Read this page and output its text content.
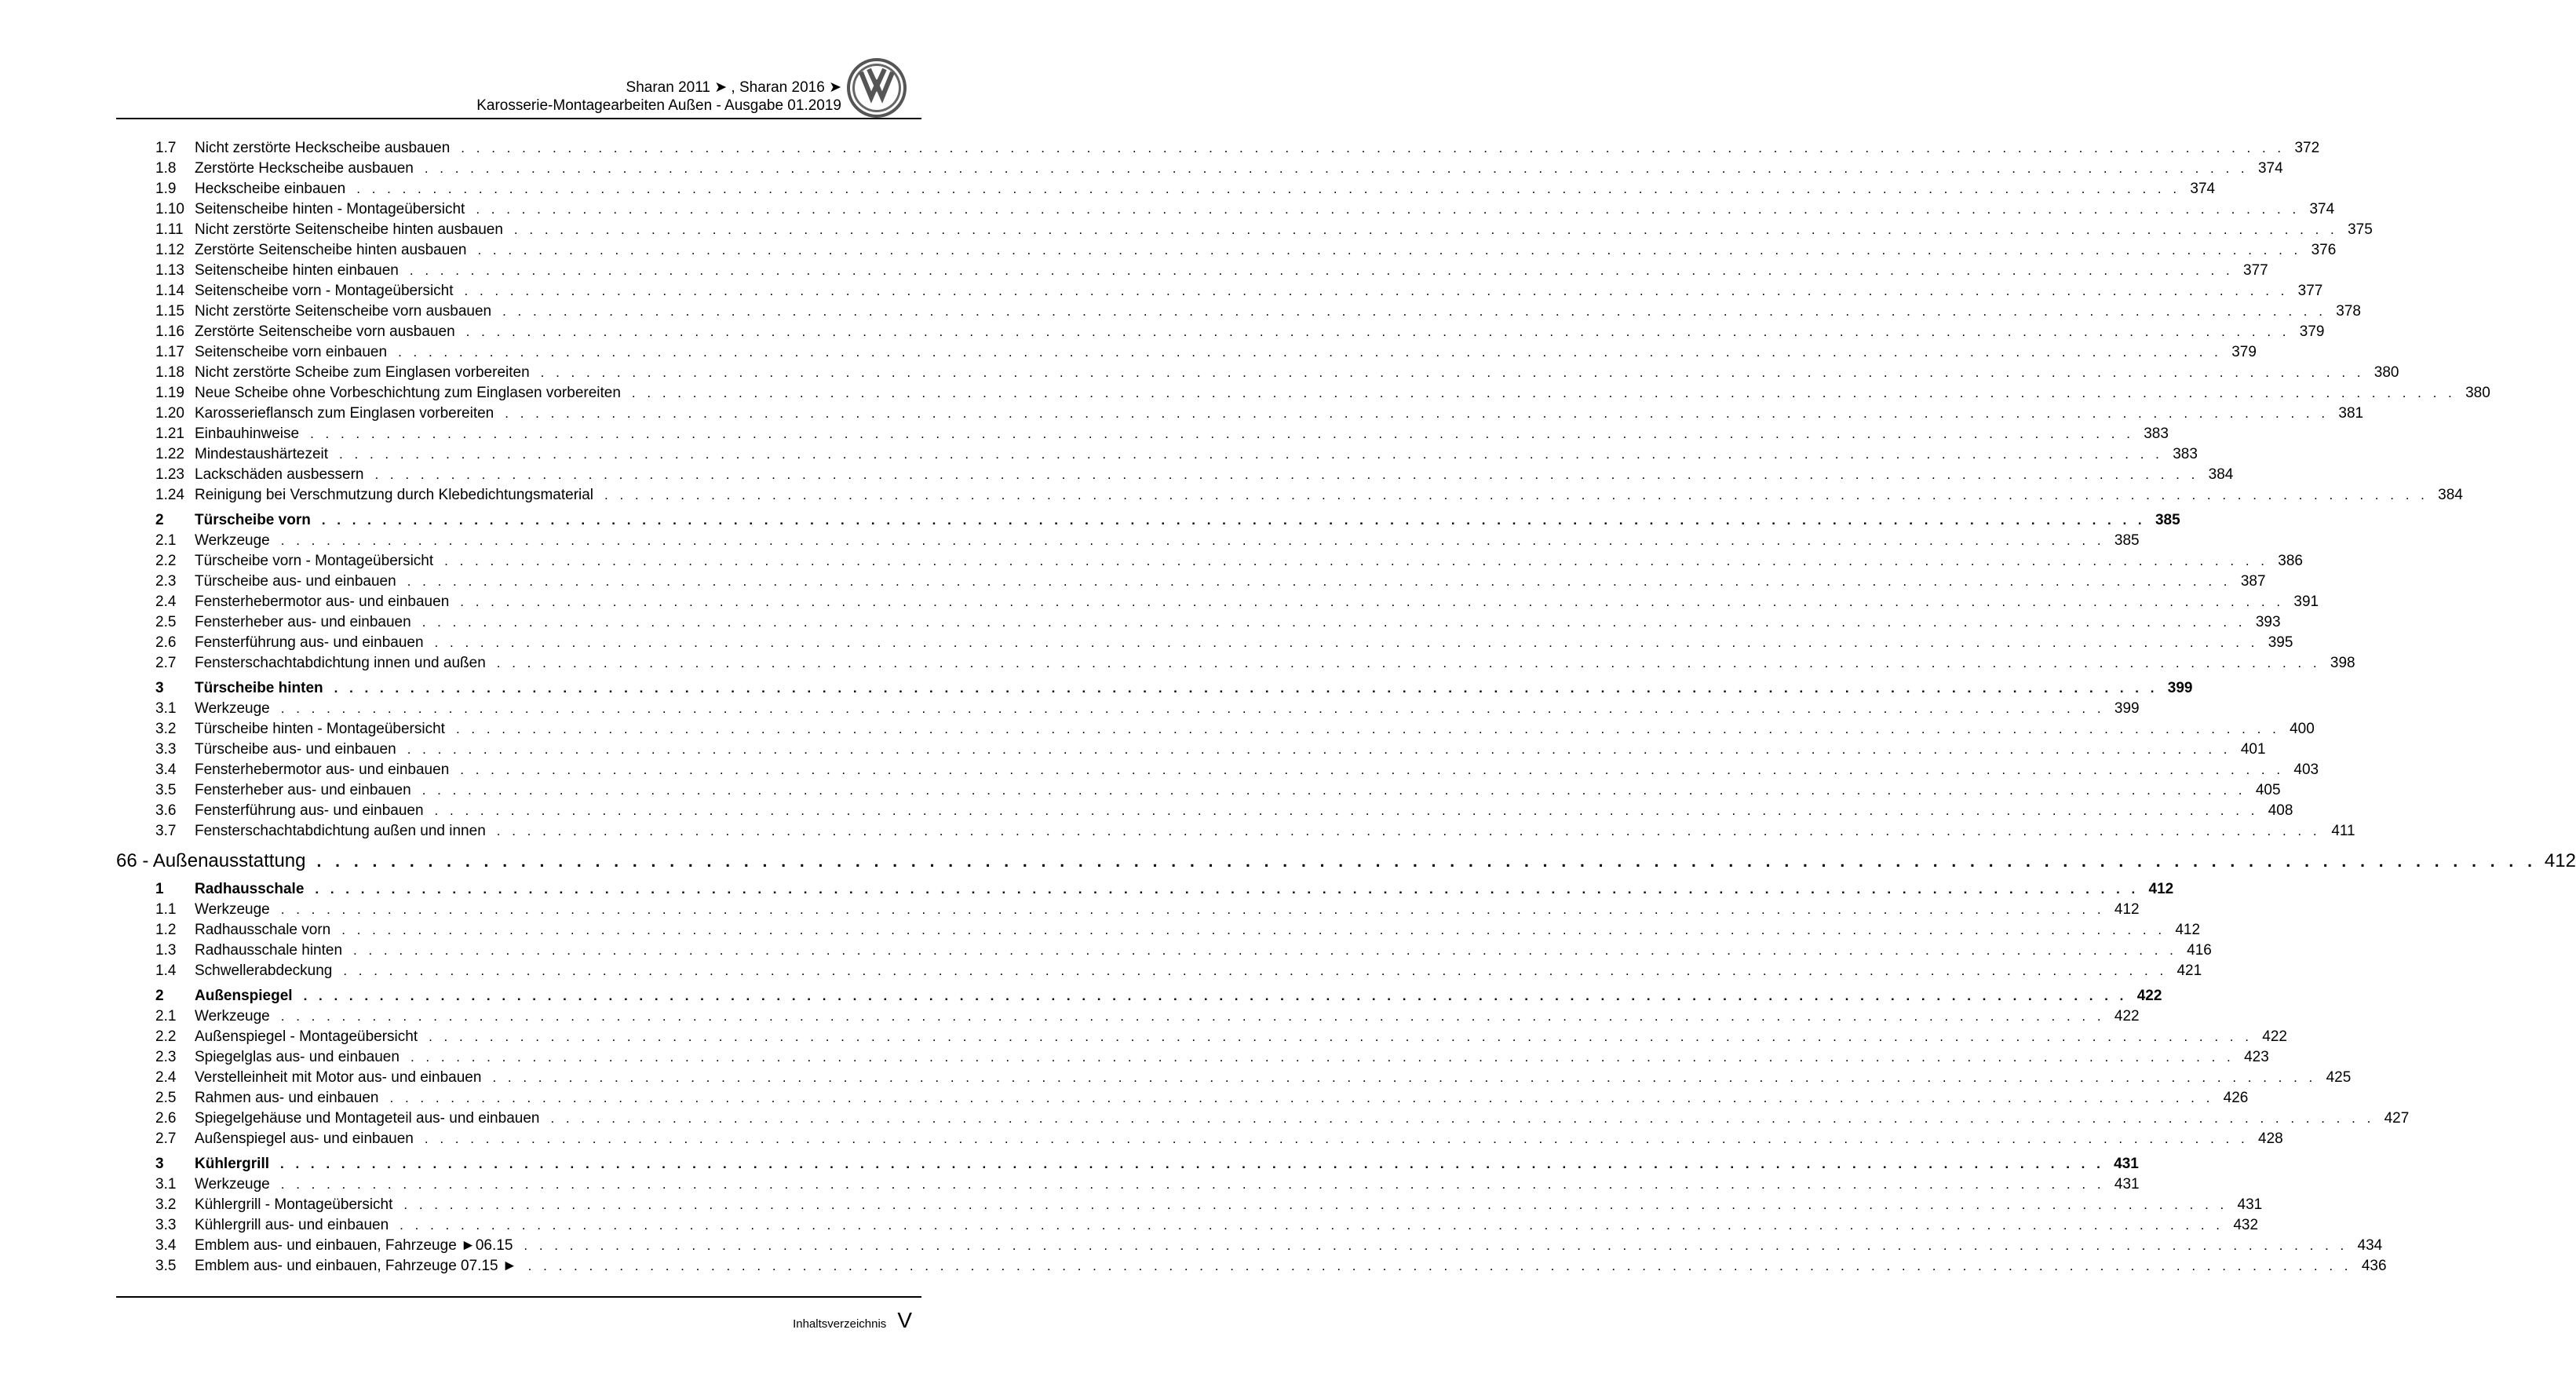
Sharan 2011 ➤ , Sharan 2016 ➤
Karosserie-Montagearbeiten Außen - Ausgabe 01.2019
1.7	Nicht zerstörte Heckscheibe ausbauen . . . . . . . . . . . . . . . . . . . . . . . . . . . . . . . . . . . . . . . . . . . . . . . . . . . . . . . . . . . . . . . . . . . . . . . . . . . . . . . . . . . . . . . . . . . . . . . . . . . . . . . . . . . . . . . . . . . . . . . . 372
1.8	Zerstörte Heckscheibe ausbauen . . . . . . . . . . . . . . . . . . . . . . . . . . . . . . . . . . . . . . . . . . . . . . . . . . . . . . . . . . . . . . . . . . . . . . . . . . . . . . . . . . . . . . . . . . . . . . . . . . . . . . . . . . . . . . . . . . . . . . . . 374
1.9	Heckscheibe einbauen . . . . . . . . . . . . . . . . . . . . . . . . . . . . . . . . . . . . . . . . . . . . . . . . . . . . . . . . . . . . . . . . . . . . . . . . . . . . . . . . . . . . . . . . . . . . . . . . . . . . . . . . . . . . . . . . . . . . . . . . 374
1.10 Seitenscheibe hinten - Montageübersicht . . . . . . . . . . . . . . . . . . . . . . . . . . . . . . . . . . . . . . . . . . . . . . . . . . . . . . . . . . . . . . . . . . . . . . . . . . . . . . . . . . . . . . . . . . . . . . . . . . . . . . . . . . . . . . . . . . . . . . . . 374
1.11 Nicht zerstörte Seitenscheibe hinten ausbauen . . . . . . . . . . . . . . . . . . . . . . . . . . . . . . . . . . . . . . . . . . . . . . . . . . . . . . . . . . . . . . . . . . . . . . . . . . . . . . . . . . . . . . . . . . . . . . . . . . . . . . . . . . . . . . . . . . . . . . . . 375
1.12 Zerstörte Seitenscheibe hinten ausbauen . . . . . . . . . . . . . . . . . . . . . . . . . . . . . . . . . . . . . . . . . . . . . . . . . . . . . . . . . . . . . . . . . . . . . . . . . . . . . . . . . . . . . . . . . . . . . . . . . . . . . . . . . . . . . . . . . . . . . . . . 376
1.13 Seitenscheibe hinten einbauen . . . . . . . . . . . . . . . . . . . . . . . . . . . . . . . . . . . . . . . . . . . . . . . . . . . . . . . . . . . . . . . . . . . . . . . . . . . . . . . . . . . . . . . . . . . . . . . . . . . . . . . . . . . . . . . . . . . . . . . . 377
1.14 Seitenscheibe vorn - Montageübersicht . . . . . . . . . . . . . . . . . . . . . . . . . . . . . . . . . . . . . . . . . . . . . . . . . . . . . . . . . . . . . . . . . . . . . . . . . . . . . . . . . . . . . . . . . . . . . . . . . . . . . . . . . . . . . . . . . . . . . . . . 377
1.15 Nicht zerstörte Seitenscheibe vorn ausbauen . . . . . . . . . . . . . . . . . . . . . . . . . . . . . . . . . . . . . . . . . . . . . . . . . . . . . . . . . . . . . . . . . . . . . . . . . . . . . . . . . . . . . . . . . . . . . . . . . . . . . . . . . . . . . . . . . . . . . . . . 378
1.16 Zerstörte Seitenscheibe vorn ausbauen . . . . . . . . . . . . . . . . . . . . . . . . . . . . . . . . . . . . . . . . . . . . . . . . . . . . . . . . . . . . . . . . . . . . . . . . . . . . . . . . . . . . . . . . . . . . . . . . . . . . . . . . . . . . . . . . . . . . . . . . 379
1.17 Seitenscheibe vorn einbauen . . . . . . . . . . . . . . . . . . . . . . . . . . . . . . . . . . . . . . . . . . . . . . . . . . . . . . . . . . . . . . . . . . . . . . . . . . . . . . . . . . . . . . . . . . . . . . . . . . . . . . . . . . . . . . . . . . . . . . . . 379
1.18 Nicht zerstörte Scheibe zum Einglasen vorbereiten . . . . . . . . . . . . . . . . . . . . . . . . . . . . . . . . . . . . . . . . . . . . . . . . . . . . . . . . . . . . . . . . . . . . . . . . . . . . . . . . . . . . . . . . . . . . . . . . . . . . . . . . . . . . . . . . . . . . . . . . 380
1.19 Neue Scheibe ohne Vorbeschichtung zum Einglasen vorbereiten . . . . . . . . . . . . . . . . . . . . . . . . . . . . . . . . . . . . . . . . . . . . . . . . . . . . . . . . . . . . . . . . . . . . . . . . . . . . . . . . . . . . . . . . . . . . . . . . . . . . . . . . . . . . . . . . . . . . . . . . 380
1.20 Karosserieflansch zum Einglasen vorbereiten . . . . . . . . . . . . . . . . . . . . . . . . . . . . . . . . . . . . . . . . . . . . . . . . . . . . . . . . . . . . . . . . . . . . . . . . . . . . . . . . . . . . . . . . . . . . . . . . . . . . . . . . . . . . . . . . . . . . . . . . 381
1.21 Einbauhinweise . . . . . . . . . . . . . . . . . . . . . . . . . . . . . . . . . . . . . . . . . . . . . . . . . . . . . . . . . . . . . . . . . . . . . . . . . . . . . . . . . . . . . . . . . . . . . . . . . . . . . . . . . . . . . . . . . . . . . . . . 383
1.22 Mindestaushärtezeit . . . . . . . . . . . . . . . . . . . . . . . . . . . . . . . . . . . . . . . . . . . . . . . . . . . . . . . . . . . . . . . . . . . . . . . . . . . . . . . . . . . . . . . . . . . . . . . . . . . . . . . . . . . . . . . . . . . . . . . . 383
1.23 Lackschäden ausbessern . . . . . . . . . . . . . . . . . . . . . . . . . . . . . . . . . . . . . . . . . . . . . . . . . . . . . . . . . . . . . . . . . . . . . . . . . . . . . . . . . . . . . . . . . . . . . . . . . . . . . . . . . . . . . . . . . . . . . . . . 384
1.24 Reinigung bei Verschmutzung durch Klebedichtungsmaterial . . . . . . . . . . . . . . . . . . . . . . . . . . . . . . . . . . . . . . . . . . . . . . . . . . . . . . . . . . . . . . . . . . . . . . . . . . . . . . . . . . . . . . . . . . . . . . . . . . . . . . . . . . . . . . . . . . . . . . . . 384
2	Türscheibe vorn . . . . . . . . . . . . . . . . . . . . . . . . . . . . . . . . . . . . . . . . . . . . . . . . . . . . . . . . . . . . . . . . . . . . . . . . . . . . . . . . . . . . . . . . . . . . . . . . . . . . . . . . . . . . . . . . . . . . . . . . 385
2.1	Werkzeuge . . . . . . . . . . . . . . . . . . . . . . . . . . . . . . . . . . . . . . . . . . . . . . . . . . . . . . . . . . . . . . . . . . . . . . . . . . . . . . . . . . . . . . . . . . . . . . . . . . . . . . . . . . . . . . . . . . . . . . . . 385
2.2	Türscheibe vorn - Montageübersicht . . . . . . . . . . . . . . . . . . . . . . . . . . . . . . . . . . . . . . . . . . . . . . . . . . . . . . . . . . . . . . . . . . . . . . . . . . . . . . . . . . . . . . . . . . . . . . . . . . . . . . . . . . . . . . . . . . . . . . . . 386
2.3	Türscheibe aus- und einbauen . . . . . . . . . . . . . . . . . . . . . . . . . . . . . . . . . . . . . . . . . . . . . . . . . . . . . . . . . . . . . . . . . . . . . . . . . . . . . . . . . . . . . . . . . . . . . . . . . . . . . . . . . . . . . . . . . . . . . . . . 387
2.4	Fensterhebermotor aus- und einbauen . . . . . . . . . . . . . . . . . . . . . . . . . . . . . . . . . . . . . . . . . . . . . . . . . . . . . . . . . . . . . . . . . . . . . . . . . . . . . . . . . . . . . . . . . . . . . . . . . . . . . . . . . . . . . . . . . . . . . . . . 391
2.5	Fensterheber aus- und einbauen . . . . . . . . . . . . . . . . . . . . . . . . . . . . . . . . . . . . . . . . . . . . . . . . . . . . . . . . . . . . . . . . . . . . . . . . . . . . . . . . . . . . . . . . . . . . . . . . . . . . . . . . . . . . . . . . . . . . . . . . 393
2.6	Fensterführung aus- und einbauen . . . . . . . . . . . . . . . . . . . . . . . . . . . . . . . . . . . . . . . . . . . . . . . . . . . . . . . . . . . . . . . . . . . . . . . . . . . . . . . . . . . . . . . . . . . . . . . . . . . . . . . . . . . . . . . . . . . . . . . . 395
2.7	Fensterschachtabdichtung innen und außen . . . . . . . . . . . . . . . . . . . . . . . . . . . . . . . . . . . . . . . . . . . . . . . . . . . . . . . . . . . . . . . . . . . . . . . . . . . . . . . . . . . . . . . . . . . . . . . . . . . . . . . . . . . . . . . . . . . . . . . . 398
3	Türscheibe hinten . . . . . . . . . . . . . . . . . . . . . . . . . . . . . . . . . . . . . . . . . . . . . . . . . . . . . . . . . . . . . . . . . . . . . . . . . . . . . . . . . . . . . . . . . . . . . . . . . . . . . . . . . . . . . . . . . . . . . . . . 399
3.1	Werkzeuge . . . . . . . . . . . . . . . . . . . . . . . . . . . . . . . . . . . . . . . . . . . . . . . . . . . . . . . . . . . . . . . . . . . . . . . . . . . . . . . . . . . . . . . . . . . . . . . . . . . . . . . . . . . . . . . . . . . . . . . . 399
3.2	Türscheibe hinten - Montageübersicht . . . . . . . . . . . . . . . . . . . . . . . . . . . . . . . . . . . . . . . . . . . . . . . . . . . . . . . . . . . . . . . . . . . . . . . . . . . . . . . . . . . . . . . . . . . . . . . . . . . . . . . . . . . . . . . . . . . . . . . . 400
3.3	Türscheibe aus- und einbauen . . . . . . . . . . . . . . . . . . . . . . . . . . . . . . . . . . . . . . . . . . . . . . . . . . . . . . . . . . . . . . . . . . . . . . . . . . . . . . . . . . . . . . . . . . . . . . . . . . . . . . . . . . . . . . . . . . . . . . . . 401
3.4	Fensterhebermotor aus- und einbauen . . . . . . . . . . . . . . . . . . . . . . . . . . . . . . . . . . . . . . . . . . . . . . . . . . . . . . . . . . . . . . . . . . . . . . . . . . . . . . . . . . . . . . . . . . . . . . . . . . . . . . . . . . . . . . . . . . . . . . . . 403
3.5	Fensterheber aus- und einbauen . . . . . . . . . . . . . . . . . . . . . . . . . . . . . . . . . . . . . . . . . . . . . . . . . . . . . . . . . . . . . . . . . . . . . . . . . . . . . . . . . . . . . . . . . . . . . . . . . . . . . . . . . . . . . . . . . . . . . . . . 405
3.6	Fensterführung aus- und einbauen . . . . . . . . . . . . . . . . . . . . . . . . . . . . . . . . . . . . . . . . . . . . . . . . . . . . . . . . . . . . . . . . . . . . . . . . . . . . . . . . . . . . . . . . . . . . . . . . . . . . . . . . . . . . . . . . . . . . . . . . 408
3.7	Fensterschachtabdichtung außen und innen . . . . . . . . . . . . . . . . . . . . . . . . . . . . . . . . . . . . . . . . . . . . . . . . . . . . . . . . . . . . . . . . . . . . . . . . . . . . . . . . . . . . . . . . . . . . . . . . . . . . . . . . . . . . . . . . . . . . . . . . 411
66 - Außenausstattung . . . . . . . . . . . . . . . . . . . . . . . . . . . . . . . . . . . . . . . . . . . . . . . . . . . . . . . . . . . . . . . . . . . . . . . . . . . . . . . . . . . . . . . . . . . . . . . . . . . . . . . . . . . . . . . . . . . . . . . . 412
1	Radhausschale . . . . . . . . . . . . . . . . . . . . . . . . . . . . . . . . . . . . . . . . . . . . . . . . . . . . . . . . . . . . . . . . . . . . . . . . . . . . . . . . . . . . . . . . . . . . . . . . . . . . . . . . . . . . . . . . . . . . . . . . 412
1.1	Werkzeuge . . . . . . . . . . . . . . . . . . . . . . . . . . . . . . . . . . . . . . . . . . . . . . . . . . . . . . . . . . . . . . . . . . . . . . . . . . . . . . . . . . . . . . . . . . . . . . . . . . . . . . . . . . . . . . . . . . . . . . . . 412
1.2	Radhausschale vorn . . . . . . . . . . . . . . . . . . . . . . . . . . . . . . . . . . . . . . . . . . . . . . . . . . . . . . . . . . . . . . . . . . . . . . . . . . . . . . . . . . . . . . . . . . . . . . . . . . . . . . . . . . . . . . . . . . . . . . . . 412
1.3	Radhausschale hinten . . . . . . . . . . . . . . . . . . . . . . . . . . . . . . . . . . . . . . . . . . . . . . . . . . . . . . . . . . . . . . . . . . . . . . . . . . . . . . . . . . . . . . . . . . . . . . . . . . . . . . . . . . . . . . . . . . . . . . . . 416
1.4	Schwellerabdeckung . . . . . . . . . . . . . . . . . . . . . . . . . . . . . . . . . . . . . . . . . . . . . . . . . . . . . . . . . . . . . . . . . . . . . . . . . . . . . . . . . . . . . . . . . . . . . . . . . . . . . . . . . . . . . . . . . . . . . . . . 421
2	Außenspiegel . . . . . . . . . . . . . . . . . . . . . . . . . . . . . . . . . . . . . . . . . . . . . . . . . . . . . . . . . . . . . . . . . . . . . . . . . . . . . . . . . . . . . . . . . . . . . . . . . . . . . . . . . . . . . . . . . . . . . . . . 422
2.1	Werkzeuge . . . . . . . . . . . . . . . . . . . . . . . . . . . . . . . . . . . . . . . . . . . . . . . . . . . . . . . . . . . . . . . . . . . . . . . . . . . . . . . . . . . . . . . . . . . . . . . . . . . . . . . . . . . . . . . . . . . . . . . . 422
2.2	Außenspiegel - Montageübersicht . . . . . . . . . . . . . . . . . . . . . . . . . . . . . . . . . . . . . . . . . . . . . . . . . . . . . . . . . . . . . . . . . . . . . . . . . . . . . . . . . . . . . . . . . . . . . . . . . . . . . . . . . . . . . . . . . . . . . . . . 422
2.3	Spiegelglas aus- und einbauen . . . . . . . . . . . . . . . . . . . . . . . . . . . . . . . . . . . . . . . . . . . . . . . . . . . . . . . . . . . . . . . . . . . . . . . . . . . . . . . . . . . . . . . . . . . . . . . . . . . . . . . . . . . . . . . . . . . . . . . . 423
2.4	Verstelleinheit mit Motor aus- und einbauen . . . . . . . . . . . . . . . . . . . . . . . . . . . . . . . . . . . . . . . . . . . . . . . . . . . . . . . . . . . . . . . . . . . . . . . . . . . . . . . . . . . . . . . . . . . . . . . . . . . . . . . . . . . . . . . . . . . . . . . . 425
2.5	Rahmen aus- und einbauen . . . . . . . . . . . . . . . . . . . . . . . . . . . . . . . . . . . . . . . . . . . . . . . . . . . . . . . . . . . . . . . . . . . . . . . . . . . . . . . . . . . . . . . . . . . . . . . . . . . . . . . . . . . . . . . . . . . . . . . . 426
2.6	Spiegelgehäuse und Montageteil aus- und einbauen . . . . . . . . . . . . . . . . . . . . . . . . . . . . . . . . . . . . . . . . . . . . . . . . . . . . . . . . . . . . . . . . . . . . . . . . . . . . . . . . . . . . . . . . . . . . . . . . . . . . . . . . . . . . . . . . . . . . . . . . 427
2.7	Außenspiegel aus- und einbauen . . . . . . . . . . . . . . . . . . . . . . . . . . . . . . . . . . . . . . . . . . . . . . . . . . . . . . . . . . . . . . . . . . . . . . . . . . . . . . . . . . . . . . . . . . . . . . . . . . . . . . . . . . . . . . . . . . . . . . . . 428
3	Kühlergrill . . . . . . . . . . . . . . . . . . . . . . . . . . . . . . . . . . . . . . . . . . . . . . . . . . . . . . . . . . . . . . . . . . . . . . . . . . . . . . . . . . . . . . . . . . . . . . . . . . . . . . . . . . . . . . . . . . . . . . . . 431
3.1	Werkzeuge . . . . . . . . . . . . . . . . . . . . . . . . . . . . . . . . . . . . . . . . . . . . . . . . . . . . . . . . . . . . . . . . . . . . . . . . . . . . . . . . . . . . . . . . . . . . . . . . . . . . . . . . . . . . . . . . . . . . . . . . 431
3.2	Kühlergrill - Montageübersicht . . . . . . . . . . . . . . . . . . . . . . . . . . . . . . . . . . . . . . . . . . . . . . . . . . . . . . . . . . . . . . . . . . . . . . . . . . . . . . . . . . . . . . . . . . . . . . . . . . . . . . . . . . . . . . . . . . . . . . . . 431
3.3	Kühlergrill aus- und einbauen . . . . . . . . . . . . . . . . . . . . . . . . . . . . . . . . . . . . . . . . . . . . . . . . . . . . . . . . . . . . . . . . . . . . . . . . . . . . . . . . . . . . . . . . . . . . . . . . . . . . . . . . . . . . . . . . . . . . . . . . 432
3.4	Emblem aus- und einbauen, Fahrzeuge ►06.15 . . . . . . . . . . . . . . . . . . . . . . . . . . . . . . . . . . . . . . . . . . . . . . . . . . . . . . . . . . . . . . . . . . . . . . . . . . . . . . . . . . . . . . . . . . . . . . . . . . . . . . . . . . . . . . . . . . . . . . . . 434
3.5	Emblem aus- und einbauen, Fahrzeuge 07.15 ► . . . . . . . . . . . . . . . . . . . . . . . . . . . . . . . . . . . . . . . . . . . . . . . . . . . . . . . . . . . . . . . . . . . . . . . . . . . . . . . . . . . . . . . . . . . . . . . . . . . . . . . . . . . . . . . . . . . . . . . . 436
Inhaltsverzeichnis V
